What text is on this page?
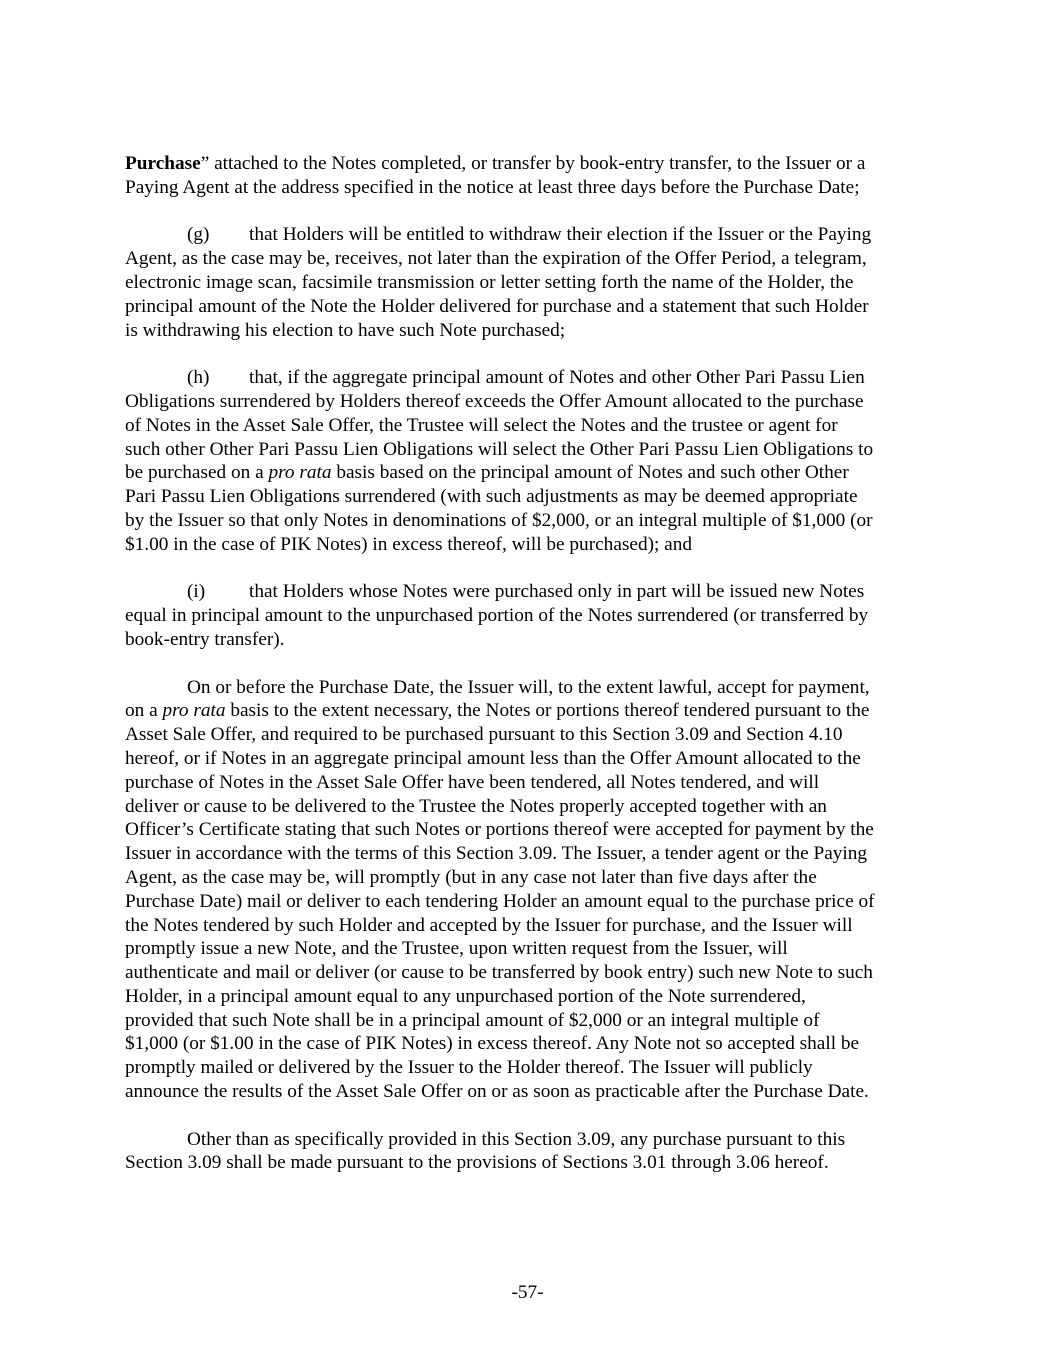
Purchase” attached to the Notes completed, or transfer by book-entry transfer, to the Issuer or a
Paying Agent at the address specified in the notice at least three days before the Purchase Date;
(g) that Holders will be entitled to withdraw their election if the Issuer or the Paying
Agent, as the case may be, receives, not later than the expiration of the Offer Period, a telegram,
electronic image scan, facsimile transmission or letter setting forth the name of the Holder, the
principal amount of the Note the Holder delivered for purchase and a statement that such Holder
is withdrawing his election to have such Note purchased;
(h) that, if the aggregate principal amount of Notes and other Other Pari Passu Lien
Obligations surrendered by Holders thereof exceeds the Offer Amount allocated to the purchase
of Notes in the Asset Sale Offer, the Trustee will select the Notes and the trustee or agent for
such other Other Pari Passu Lien Obligations will select the Other Pari Passu Lien Obligations to
be purchased on a pro rata basis based on the principal amount of Notes and such other Other
Pari Passu Lien Obligations surrendered (with such adjustments as may be deemed appropriate
by the Issuer so that only Notes in denominations of $2,000, or an integral multiple of $1,000 (or
$1.00 in the case of PIK Notes) in excess thereof, will be purchased); and
(i) that Holders whose Notes were purchased only in part will be issued new Notes
equal in principal amount to the unpurchased portion of the Notes surrendered (or transferred by
book-entry transfer).
On or before the Purchase Date, the Issuer will, to the extent lawful, accept for payment,
on a pro rata basis to the extent necessary, the Notes or portions thereof tendered pursuant to the
Asset Sale Offer, and required to be purchased pursuant to this Section 3.09 and Section 4.10
hereof, or if Notes in an aggregate principal amount less than the Offer Amount allocated to the
purchase of Notes in the Asset Sale Offer have been tendered, all Notes tendered, and will
deliver or cause to be delivered to the Trustee the Notes properly accepted together with an
Officer’s Certificate stating that such Notes or portions thereof were accepted for payment by the
Issuer in accordance with the terms of this Section 3.09. The Issuer, a tender agent or the Paying
Agent, as the case may be, will promptly (but in any case not later than five days after the
Purchase Date) mail or deliver to each tendering Holder an amount equal to the purchase price of
the Notes tendered by such Holder and accepted by the Issuer for purchase, and the Issuer will
promptly issue a new Note, and the Trustee, upon written request from the Issuer, will
authenticate and mail or deliver (or cause to be transferred by book entry) such new Note to such
Holder, in a principal amount equal to any unpurchased portion of the Note surrendered,
provided that such Note shall be in a principal amount of $2,000 or an integral multiple of
$1,000 (or $1.00 in the case of PIK Notes) in excess thereof. Any Note not so accepted shall be
promptly mailed or delivered by the Issuer to the Holder thereof. The Issuer will publicly
announce the results of the Asset Sale Offer on or as soon as practicable after the Purchase Date.
Other than as specifically provided in this Section 3.09, any purchase pursuant to this
Section 3.09 shall be made pursuant to the provisions of Sections 3.01 through 3.06 hereof.
-57-
